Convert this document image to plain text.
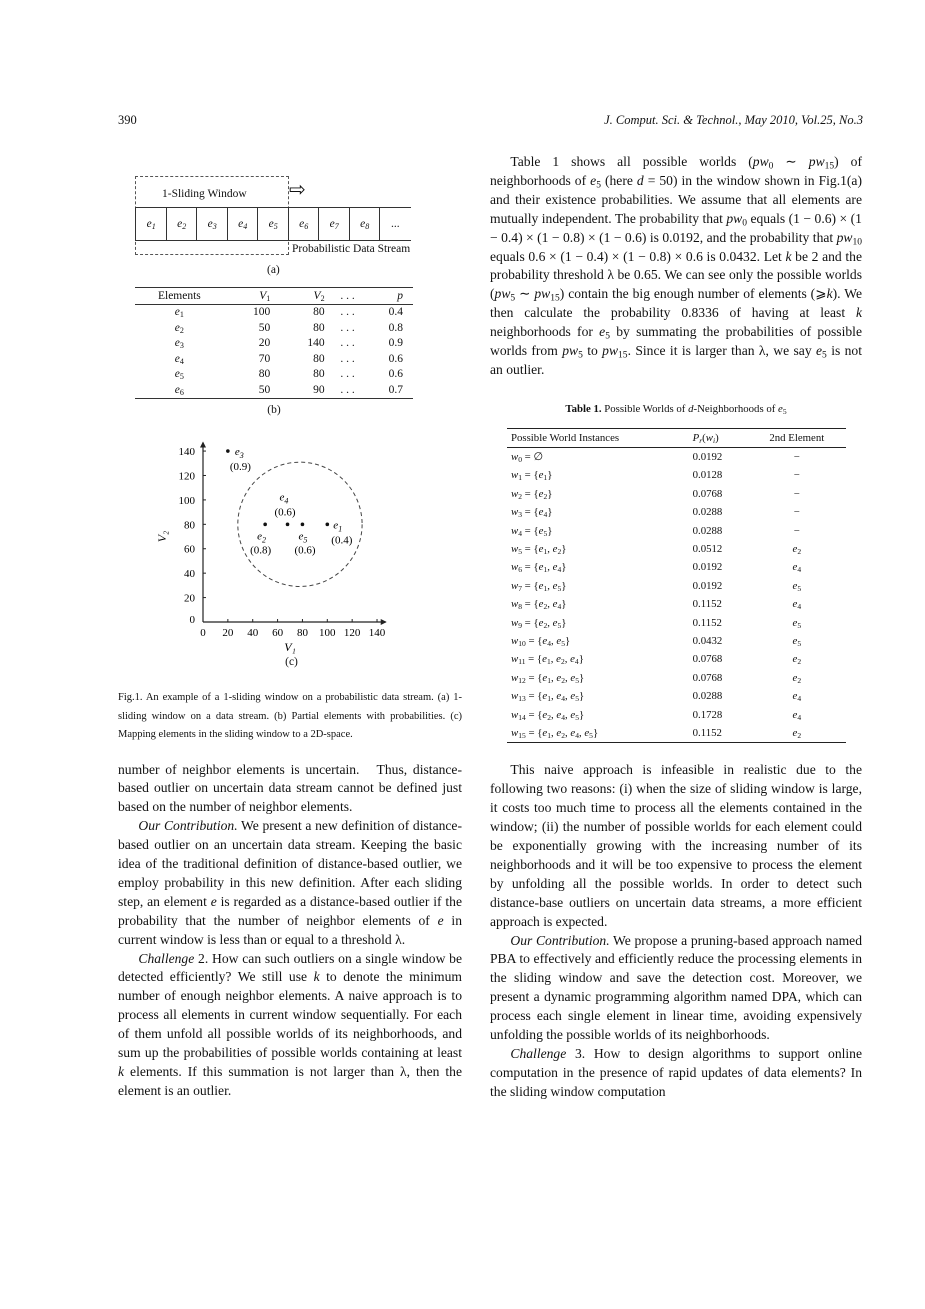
390	J. Comput. Sci. & Technol., May 2010, Vol.25, No.3
1-Sliding Window ⇨
$e_1$	$e_2$	$e_3$	$e_4$	$e_5$	$e_6$	$e_7$	$e_8$	...
Probabilistic Data Stream
(a)
Elements	$V_1$	$V_2$	. . .	p
$e_1$	100	80	. . .	0.4
$e_2$	50	80	. . .	0.8
$e_3$	20	140	. . .	0.9
$e_4$	70	80	. . .	0.6
$e_5$	80	80	. . .	0.6
$e_6$	50	90	. . .	0.7
(b)
0 20 40 60 80 100 120 140
0
20
40
60
80
100
120
140
V₁
V₂
$e_1$
(0.4)
$e_2$
(0.8)
$e_3$
(0.9)
$e_4$
(0.6)
$e_5$
(0.6)
(c)
Fig.1. An example of a 1-sliding window on a probabilistic data stream. (a) 1-sliding window on a data stream. (b) Partial elements with probabilities. (c) Mapping elements in the sliding window to a 2D-space.

number of neighbor elements is uncertain.   Thus, distance-based outlier on uncertain data stream cannot be defined just based on the number of neighbor elements.

Our Contribution. We present a new definition of distance-based outlier on an uncertain data stream. Keeping the basic idea of the traditional definition of distance-based outlier, we employ probability in this new definition. After each sliding step, an element e is regarded as a distance-based outlier if the probability that the number of neighbor elements of e in current window is less than or equal to a threshold λ.

Challenge 2. How can such outliers on a single window be detected efficiently? We still use k to denote the minimum number of enough neighbor elements. A naive approach is to process all elements in current window sequentially. For each of them unfold all possible worlds of its neighborhoods, and sum up the probabilities of possible worlds containing at least k elements. If this summation is not larger than λ, then the element is an outlier.

Table 1 shows all possible worlds ($pw_0$ ∼ $pw_{15}$) of neighborhoods of $e_5$ (here d = 50) in the window shown in Fig.1(a) and their existence probabilities. We assume that all elements are mutually independent. The probability that $pw_0$ equals (1 − 0.6) × (1 − 0.4) × (1 − 0.8) × (1 − 0.6) is 0.0192, and the probability that $pw_{10}$ equals 0.6 × (1 − 0.4) × (1 − 0.8) × 0.6 is 0.0432. Let k be 2 and the probability threshold λ be 0.65. We can see only the possible worlds ($pw_5$ ∼ $pw_{15}$) contain the big enough number of elements (⩾k). We then calculate the probability 0.8336 of having at least k neighborhoods for $e_5$ by summating the probabilities of possible worlds from $pw_5$ to $pw_{15}$. Since it is larger than λ, we say $e_5$ is not an outlier.

Table 1. Possible Worlds of d-Neighborhoods of $e_5$
Possible World Instances	$P_r(w_i)$	2nd Element
$w_0$ = ∅	0.0192	−
$w_1 = \{e_1\}$	0.0128	−
$w_2 = \{e_2\}$	0.0768	−
$w_3 = \{e_4\}$	0.0288	−
$w_4 = \{e_5\}$	0.0288	−
$w_5 = \{e_1$, $e_2$}	0.0512	$e_2$
$w_6 = \{e_1$, $e_4$}	0.0192	$e_4$
$w_7 = \{e_1$, $e_5$}	0.0192	$e_5$
$w_8 = \{e_2$, $e_4$}	0.1152	$e_4$
$w_9 = \{e_2$, $e_5$}	0.1152	$e_5$
$w_{10} = \{e_4$, $e_5$}	0.0432	$e_5$
$w_{11} = \{e_1$, $e_2$, $e_4$}	0.0768	$e_2$
$w_{12} = \{e_1$, $e_2$, $e_5$}	0.0768	$e_2$
$w_{13} = \{e_1$, $e_4$, $e_5$}	0.0288	$e_4$
$w_{14} = \{e_2$, $e_4$, $e_5$}	0.1728	$e_4$
$w_{15} = \{e_1$, $e_2$, $e_4$, $e_5$}	0.1152	$e_2$

This naive approach is infeasible in realistic due to the following two reasons: (i) when the size of sliding window is large, it costs too much time to process all the elements contained in the window; (ii) the number of possible worlds for each element could be exponentially growing with the increasing number of its neighborhoods and it will be too expensive to process the element by unfolding all the possible worlds. In order to detect such distance-base outliers on uncertain data streams, a more efficient approach is expected.

Our Contribution. We propose a pruning-based approach named PBA to effectively and efficiently reduce the processing elements in the sliding window and save the detection cost. Moreover, we present a dynamic programming algorithm named DPA, which can process each single element in linear time, avoiding expensively unfolding the possible worlds of its neighborhoods.

Challenge 3. How to design algorithms to support online computation in the presence of rapid updates of data elements? In the sliding window computation
